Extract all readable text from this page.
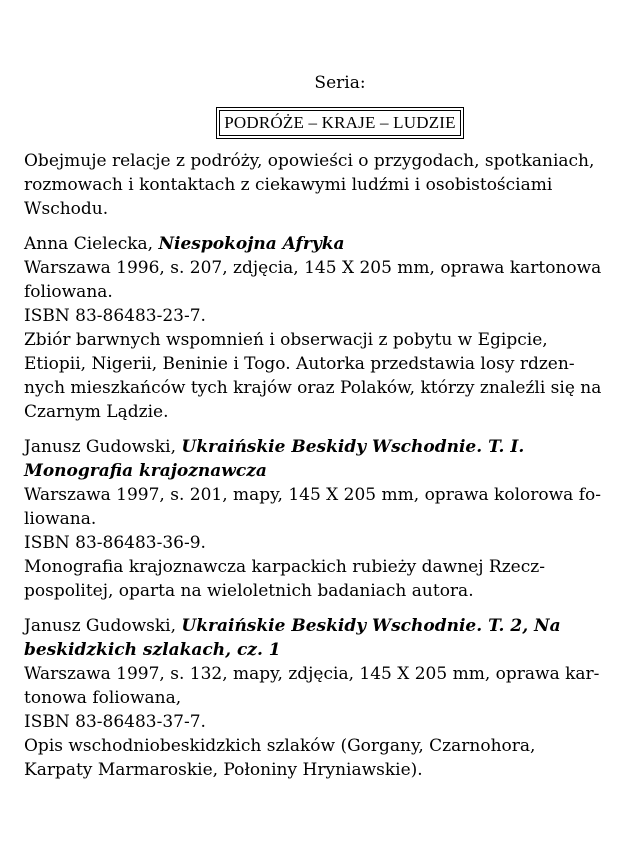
Seria:
PODRÓŻE – KRAJE – LUDZIE

Obejmuje relacje z podróży, opowieści o przygodach, spotkaniach,
rozmowach i kontaktach z ciekawymi ludźmi i osobistościami
Wschodu.

Anna Cielecka, Niespokojna Afryka
Warszawa 1996, s. 207, zdjęcia, 145 X 205 mm, oprawa kartonowa
foliowana.
ISBN 83-86483-23-7.
Zbiór barwnych wspomnień i obserwacji z pobytu w Egipcie,
Etiopii, Nigerii, Beninie i Togo. Autorka przedstawia losy rdzen-
nych mieszkańców tych krajów oraz Polaków, którzy znaleźli się na
Czarnym Lądzie.

Janusz Gudowski, Ukraińskie Beskidy Wschodnie. T. I.
Monografia krajoznawcza
Warszawa 1997, s. 201, mapy, 145 X 205 mm, oprawa kolorowa fo-
liowana.
ISBN 83-86483-36-9.
Monografia krajoznawcza karpackich rubieży dawnej Rzecz-
pospolitej, oparta na wieloletnich badaniach autora.

Janusz Gudowski, Ukraińskie Beskidy Wschodnie. T. 2, Na
beskidzkich szlakach, cz. 1
Warszawa 1997, s. 132, mapy, zdjęcia, 145 X 205 mm, oprawa kar-
tonowa foliowana,
ISBN 83-86483-37-7.
Opis wschodniobeskidzkich szlaków (Gorgany, Czarnohora,
Karpaty Marmaroskie, Połoniny Hryniawskie).
